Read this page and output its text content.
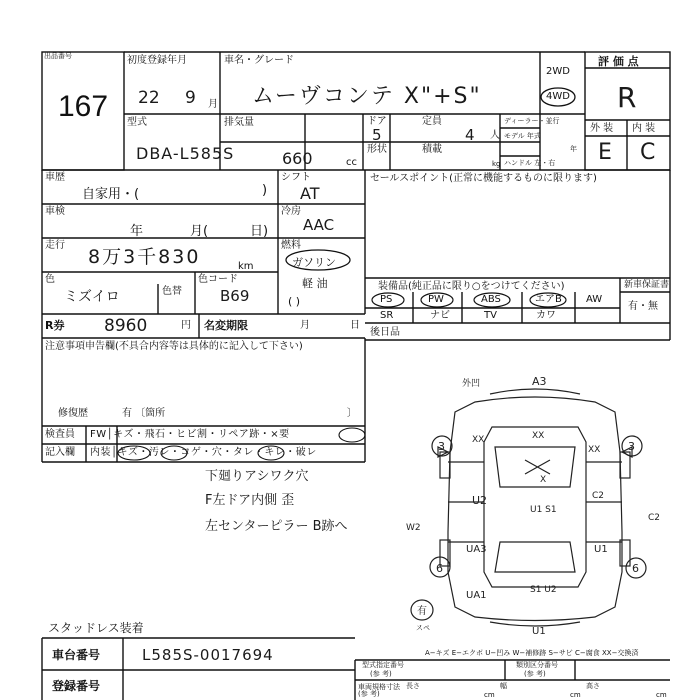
出品番号
167
初度登録年月
22 9 月
車名・グレード
ムーヴコンテ X"+S"
2WD
4WD
評 価 点
R
型式
DBA-L585S
排気量
660	cc
ドア
5
定員
4 人
形状	積載
kg
ディーラー・並行
モデル 年式
年
ハンドル 左・右
外 装 内 装
E C
車歴
自家用・(	)
シフト
AT
車検
年	月(	日)
冷房
AAC
走行
8万3千830	km
燃料
ガソリン
軽 油
( )
色
ミズイロ	色替
色コード
B69
R券 8960	円 名変期限	月	日
注意事項申告欄(不具合内容等は具体的に記入して下さい)
修復歴	有 〔箇所	〕
セールスポイント(正常に機能するものに限ります)
装備品(純正品に限り○をつけてください)	新車保証書
有・無
PS	PW	ABS	エアB AW
SR	ナビ	TV	カワ
後日品
検査員
記入欄
FW│キズ・飛石・ヒビ割・リペア跡・×要
内装│キズ・汚レ・コゲ・穴・タレ・キレ・破レ
下廻りアシワク穴
F左ドア内側 歪
左センターピラー B跡へ
外凹	A3
XX
3
XX
XX	3
X
U2
U1 S1
C2
W2
C2
UA3	U1
6	6
S1 U2
UA1
有
U1
スペ
スタッドレス装着
車台番号	L585S-0017694
登録番号
A−キズ E−エクボ U−凹み W−補修跡 S−サビ C−腐食 XX−交換済
型式指定番号
(参 考)
類別区分番号
(参 考)
車両規格寸法 (参 考)
長さ
cm
幅
cm
高さ
cm
